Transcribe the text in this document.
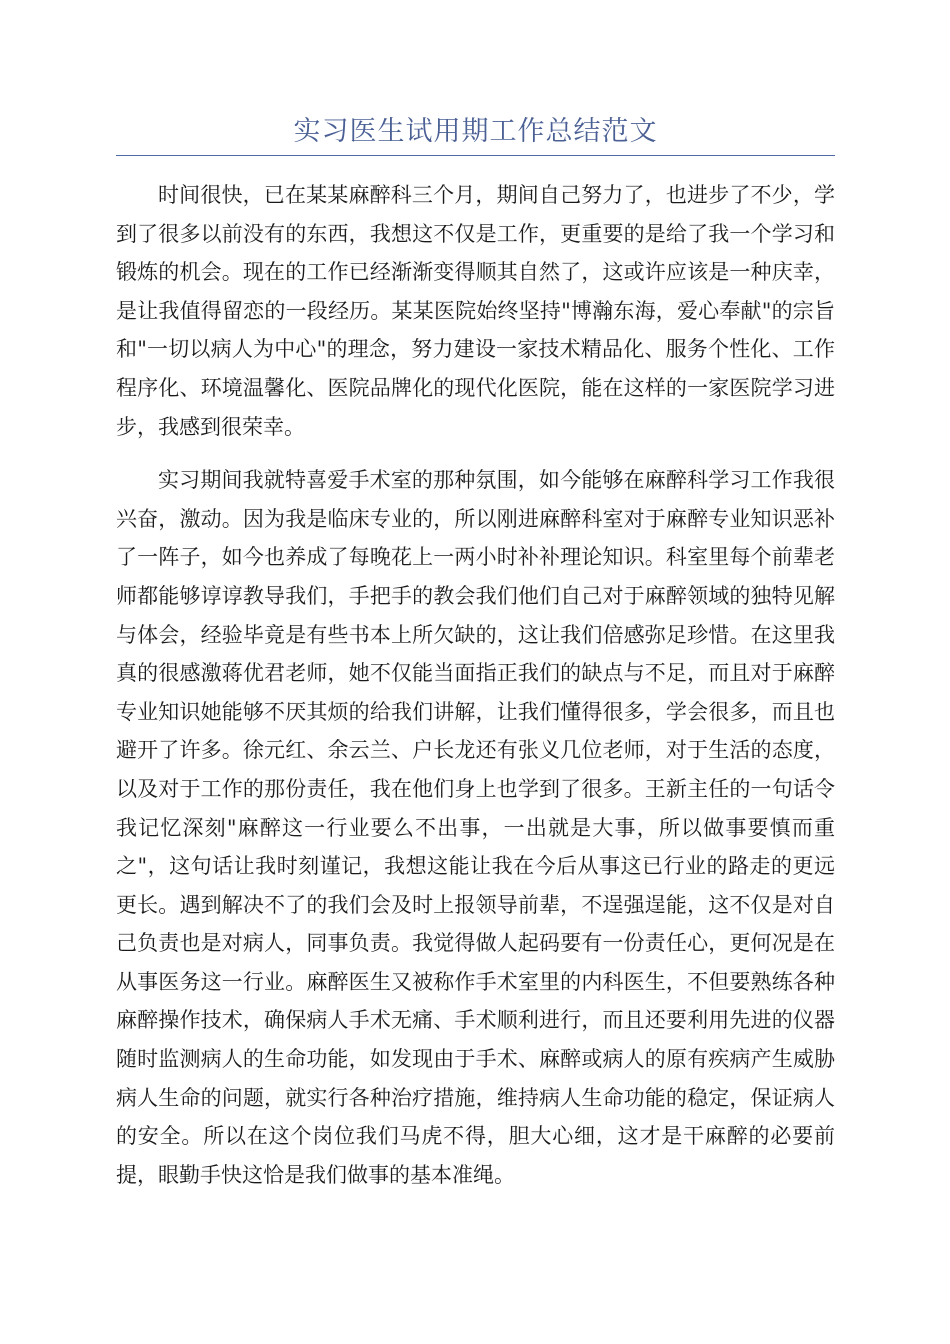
实习医生试用期工作总结范文

时间很快，已在某某麻醉科三个月，期间自己努力了，也进步了不少，学到了很多以前没有的东西，我想这不仅是工作，更重要的是给了我一个学习和锻炼的机会。现在的工作已经渐渐变得顺其自然了，这或许应该是一种庆幸，是让我值得留恋的一段经历。某某医院始终坚持"博瀚东海，爱心奉献"的宗旨和"一切以病人为中心"的理念，努力建设一家技术精品化、服务个性化、工作程序化、环境温馨化、医院品牌化的现代化医院，能在这样的一家医院学习进步，我感到很荣幸。

实习期间我就特喜爱手术室的那种氛围，如今能够在麻醉科学习工作我很兴奋，激动。因为我是临床专业的，所以刚进麻醉科室对于麻醉专业知识恶补了一阵子，如今也养成了每晚花上一两小时补补理论知识。科室里每个前辈老师都能够谆谆教导我们，手把手的教会我们他们自己对于麻醉领域的独特见解与体会，经验毕竟是有些书本上所欠缺的，这让我们倍感弥足珍惜。在这里我真的很感激蒋优君老师，她不仅能当面指正我们的缺点与不足，而且对于麻醉专业知识她能够不厌其烦的给我们讲解，让我们懂得很多，学会很多，而且也避开了许多。徐元红、余云兰、户长龙还有张义几位老师，对于生活的态度，以及对于工作的那份责任，我在他们身上也学到了很多。王新主任的一句话令我记忆深刻"麻醉这一行业要么不出事，一出就是大事，所以做事要慎而重之"，这句话让我时刻谨记，我想这能让我在今后从事这已行业的路走的更远更长。遇到解决不了的我们会及时上报领导前辈，不逞强逞能，这不仅是对自己负责也是对病人，同事负责。我觉得做人起码要有一份责任心，更何况是在从事医务这一行业。麻醉医生又被称作手术室里的内科医生，不但要熟练各种麻醉操作技术，确保病人手术无痛、手术顺利进行，而且还要利用先进的仪器随时监测病人的生命功能，如发现由于手术、麻醉或病人的原有疾病产生威胁病人生命的问题，就实行各种治疗措施，维持病人生命功能的稳定，保证病人的安全。所以在这个岗位我们马虎不得，胆大心细，这才是干麻醉的必要前提，眼勤手快这恰是我们做事的基本准绳。
